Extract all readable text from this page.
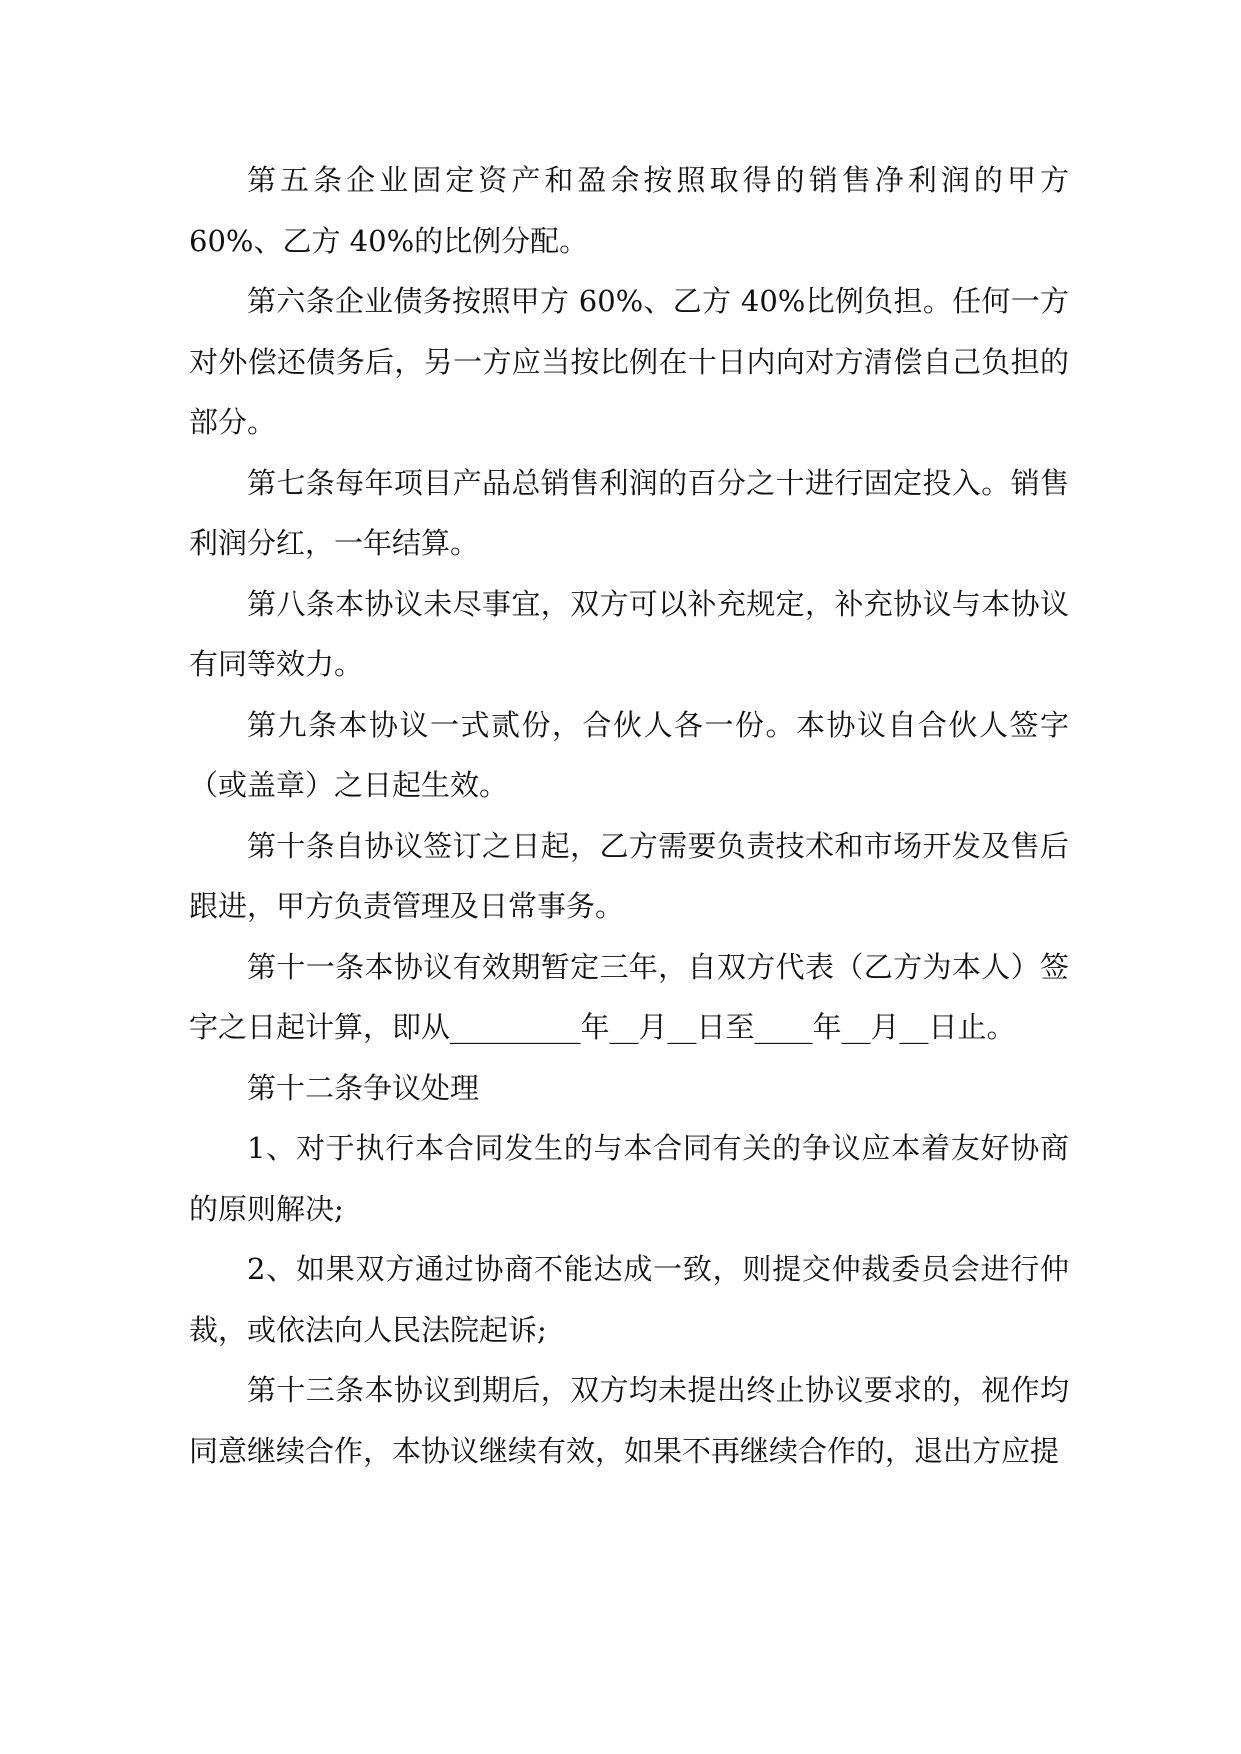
第五条企业固定资产和盈余按照取得的销售净利润的甲方 60%、乙方 40%的比例分配。

第六条企业债务按照甲方 60%、乙方 40%比例负担。任何一方对外偿还债务后，另一方应当按比例在十日内向对方清偿自己负担的部分。

第七条每年项目产品总销售利润的百分之十进行固定投入。销售利润分红，一年结算。

第八条本协议未尽事宜，双方可以补充规定，补充协议与本协议有同等效力。

第九条本协议一式贰份，合伙人各一份。本协议自合伙人签字（或盖章）之日起生效。

第十条自协议签订之日起，乙方需要负责技术和市场开发及售后跟进，甲方负责管理及日常事务。

第十一条本协议有效期暂定三年，自双方代表（乙方为本人）签字之日起计算，即从_________年__月__日至____年__月__日止。

第十二条争议处理

1、对于执行本合同发生的与本合同有关的争议应本着友好协商的原则解决;

2、如果双方通过协商不能达成一致，则提交仲裁委员会进行仲裁，或依法向人民法院起诉;

第十三条本协议到期后，双方均未提出终止协议要求的，视作均同意继续合作，本协议继续有效，如果不再继续合作的，退出方应提
